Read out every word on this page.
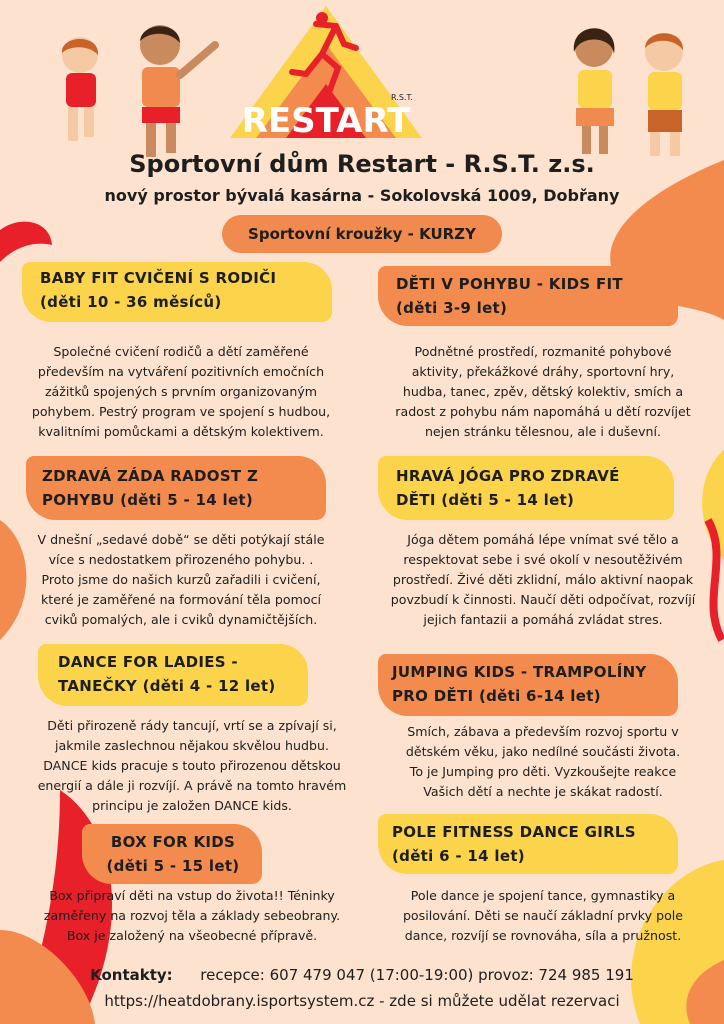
RESTART
R.S.T.
Sportovní dům Restart - R.S.T. z.s.
nový prostor bývalá kasárna - Sokolovská 1009, Dobřany
Sportovní kroužky - KURZY
BABY FIT CVIČENÍ S RODIČI
(děti 10 - 36 měsíců)
Společné cvičení rodičů a dětí zaměřené
především na vytváření pozitivních emočních
zážitků spojených s prvním organizovaným
pohybem. Pestrý program ve spojení s hudbou,
kvalitními pomůckami a dětským kolektivem.
DĚTI V POHYBU - KIDS FIT
(děti 3-9 let)
Podnětné prostředí, rozmanité pohybové
aktivity, překážkové dráhy, sportovní hry,
hudba, tanec, zpěv, dětský kolektiv, smích a
radost z pohybu nám napomáhá u dětí rozvíjet
nejen stránku tělesnou, ale i duševní.
ZDRAVÁ ZÁDA RADOST Z
POHYBU (děti 5 - 14 let)
V dnešní „sedavé době“ se děti potýkají stále
více s nedostatkem přirozeného pohybu. .
Proto jsme do našich kurzů zařadili i cvičení,
které je zaměřené na formování těla pomocí
cviků pomalých, ale i cviků dynamičtějších.
HRAVÁ JÓGA PRO ZDRAVÉ
DĚTI (děti 5 - 14 let)
Jóga dětem pomáhá lépe vnímat své tělo a
respektovat sebe i své okolí v nesoutěživém
prostředí. Živé děti zklidní, málo aktivní naopak
povzbudí k činnosti. Naučí děti odpočívat, rozvíjí
jejich fantazii a pomáhá zvládat stres.
DANCE FOR LADIES -
TANEČKY (děti 4 - 12 let)
Děti přirozeně rády tancují, vrtí se a zpívají si,
jakmile zaslechnou nějakou skvělou hudbu.
DANCE kids pracuje s touto přirozenou dětskou
energií a dále ji rozvíjí. A právě na tomto hravém
principu je založen DANCE kids.
JUMPING KIDS - TRAMPOLÍNY
PRO DĚTI (děti 6-14 let)
Smích, zábava a především rozvoj sportu v
dětském věku, jako nedílné součásti života.
To je Jumping pro děti. Vyzkoušejte reakce
Vašich dětí a nechte je skákat radostí.
BOX FOR KIDS
(děti 5 - 15 let)
Box připraví děti na vstup do života!! Téninky
zaměřeny na rozvoj těla a základy sebeobrany.
Box je založený na všeobecné přípravě.
POLE FITNESS DANCE GIRLS
(děti 6 - 14 let)
Pole dance je spojení tance, gymnastiky a
posilování. Děti se naučí základní prvky pole
dance, rozvíjí se rovnováha, síla a pružnost.
Kontakty: recepce: 607 479 047 (17:00-19:00) provoz: 724 985 191
https://heatdobrany.isportsystem.cz - zde si můžete udělat rezervaci
